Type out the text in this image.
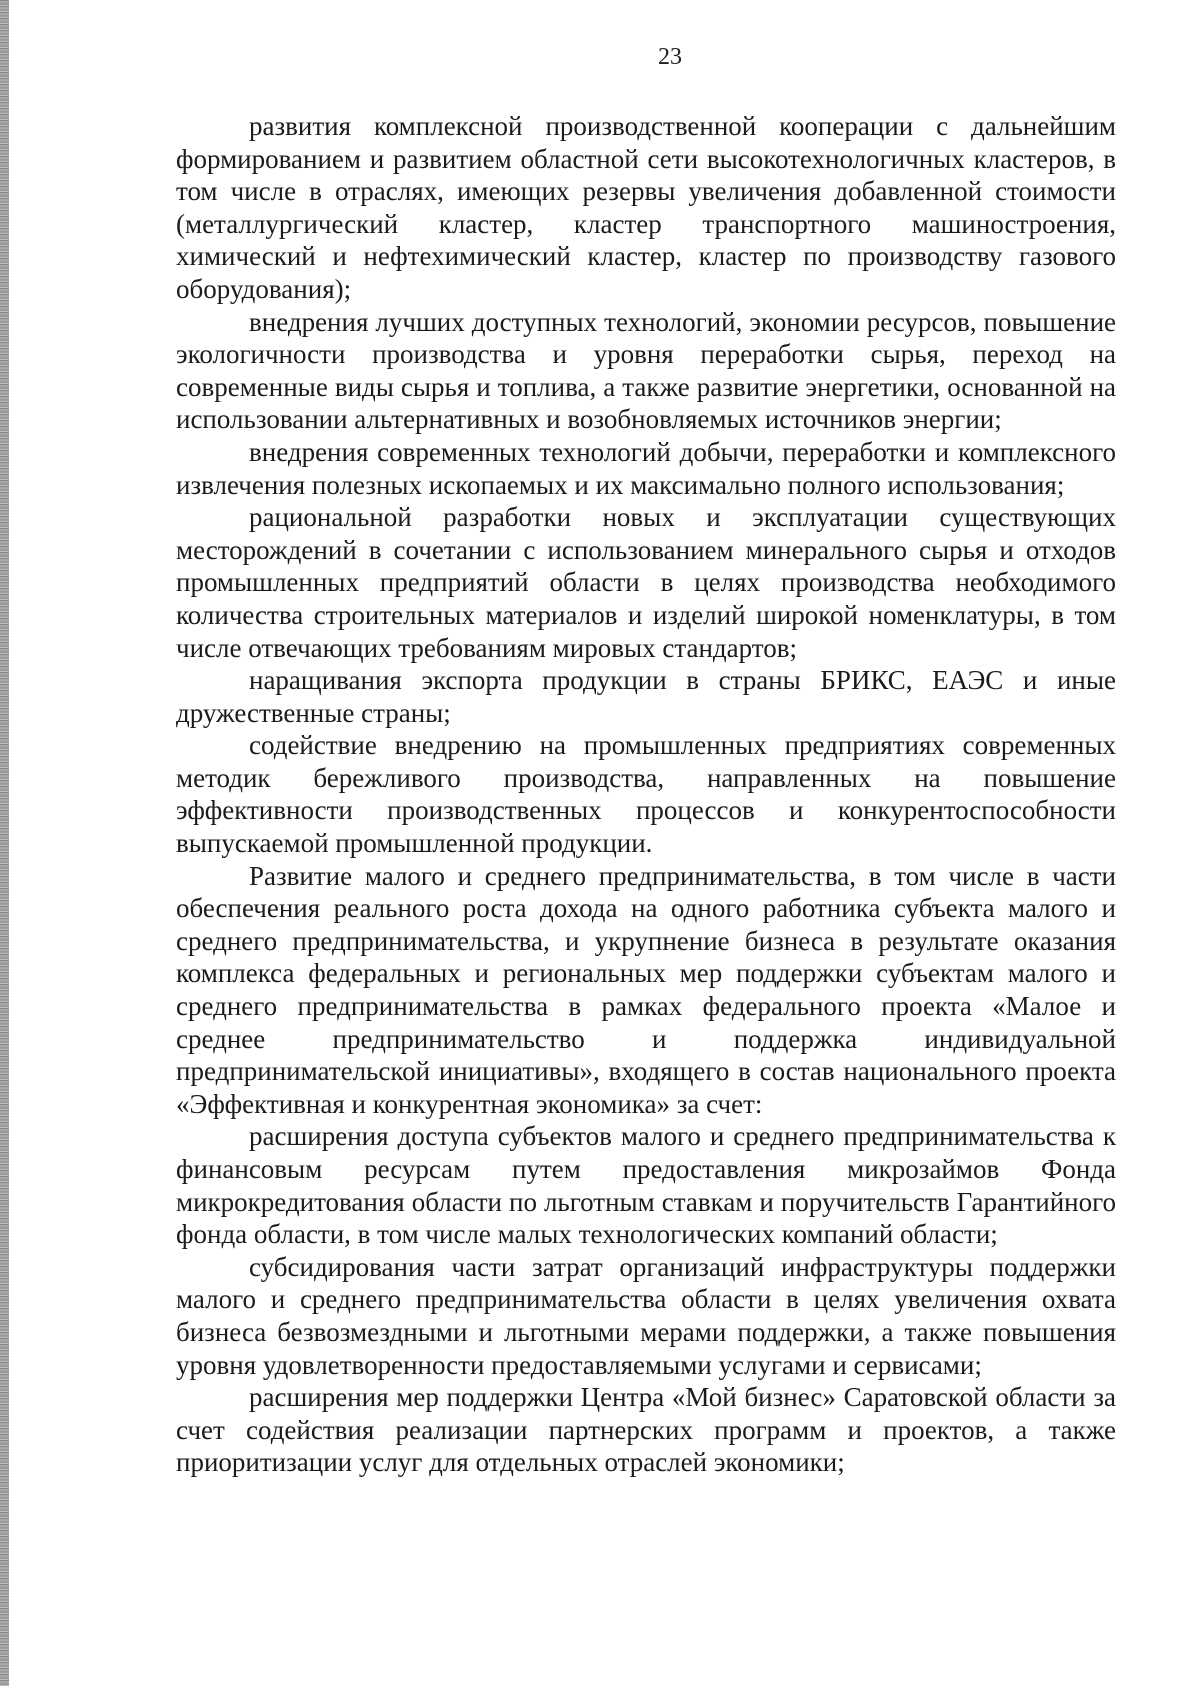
23

развития комплексной производственной кооперации с дальнейшим формированием и развитием областной сети высокотехнологичных кластеров, в том числе в отраслях, имеющих резервы увеличения добавленной стоимости (металлургический кластер, кластер транспортного машиностроения, химический и нефтехимический кластер, кластер по производству газового оборудования);

внедрения лучших доступных технологий, экономии ресурсов, повышение экологичности производства и уровня переработки сырья, переход на современные виды сырья и топлива, а также развитие энергетики, основанной на использовании альтернативных и возобновляемых источников энергии;

внедрения современных технологий добычи, переработки и комплексного извлечения полезных ископаемых и их максимально полного использования;

рациональной разработки новых и эксплуатации существующих месторождений в сочетании с использованием минерального сырья и отходов промышленных предприятий области в целях производства необходимого количества строительных материалов и изделий широкой номенклатуры, в том числе отвечающих требованиям мировых стандартов;

наращивания экспорта продукции в страны БРИКС, ЕАЭС и иные дружественные страны;

содействие внедрению на промышленных предприятиях современных методик бережливого производства, направленных на повышение эффективности производственных процессов и конкурентоспособности выпускаемой промышленной продукции.

Развитие малого и среднего предпринимательства, в том числе в части обеспечения реального роста дохода на одного работника субъекта малого и среднего предпринимательства, и укрупнение бизнеса в результате оказания комплекса федеральных и региональных мер поддержки субъектам малого и среднего предпринимательства в рамках федерального проекта «Малое и среднее предпринимательство и поддержка индивидуальной предпринимательской инициативы», входящего в состав национального проекта «Эффективная и конкурентная экономика» за счет:

расширения доступа субъектов малого и среднего предпринимательства к финансовым ресурсам путем предоставления микрозаймов Фонда микрокредитования области по льготным ставкам и поручительств Гарантийного фонда области, в том числе малых технологических компаний области;

субсидирования части затрат организаций инфраструктуры поддержки малого и среднего предпринимательства области в целях увеличения охвата бизнеса безвозмездными и льготными мерами поддержки, а также повышения уровня удовлетворенности предоставляемыми услугами и сервисами;

расширения мер поддержки Центра «Мой бизнес» Саратовской области за счет содействия реализации партнерских программ и проектов, а также приоритизации услуг для отдельных отраслей экономики;
